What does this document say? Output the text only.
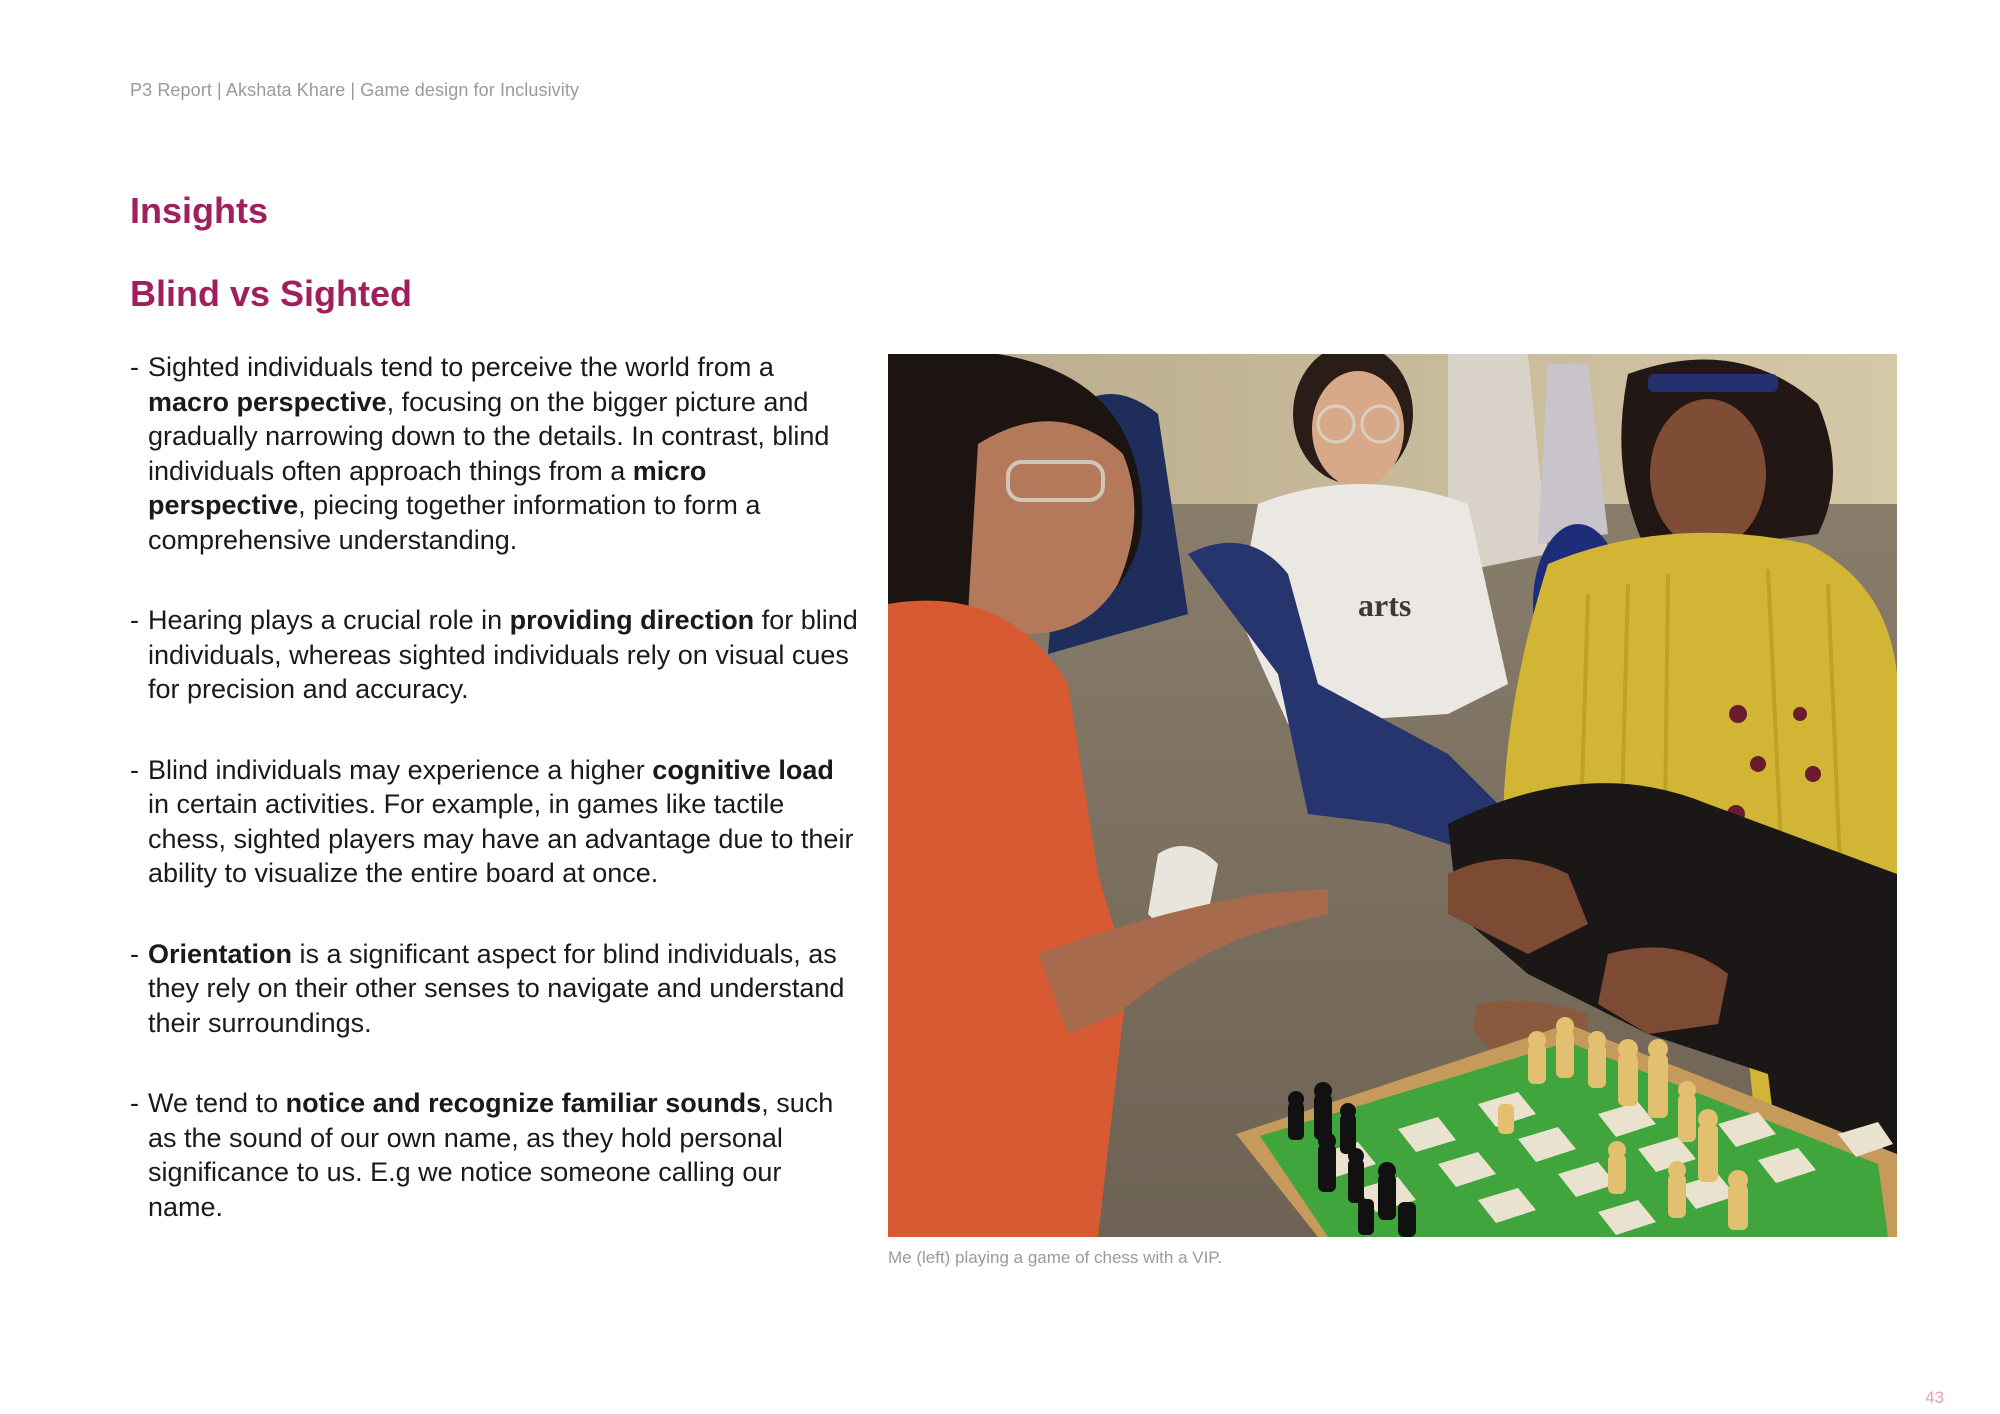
P3 Report | Akshata Khare | Game design for Inclusivity
Insights
Blind vs Sighted
- Sighted individuals tend to perceive the world from a macro perspective, focusing on the bigger picture and gradually narrowing down to the details. In contrast, blind individuals often approach things from a micro perspective, piecing together information to form a comprehensive understanding.
- Hearing plays a crucial role in providing direction for blind individuals, whereas sighted individuals rely on visual cues for precision and accuracy.
- Blind individuals may experience a higher cognitive load in certain activities. For example, in games like tactile chess, sighted players may have an advantage due to their ability to visualize the entire board at once.
- Orientation is a significant aspect for blind individuals, as they rely on their other senses to navigate and understand their surroundings.
- We tend to notice and recognize familiar sounds, such as the sound of our own name, as they hold personal significance to us. E.g we notice someone calling our name.
arts
Me (left) playing a game of chess with a VIP.
43
